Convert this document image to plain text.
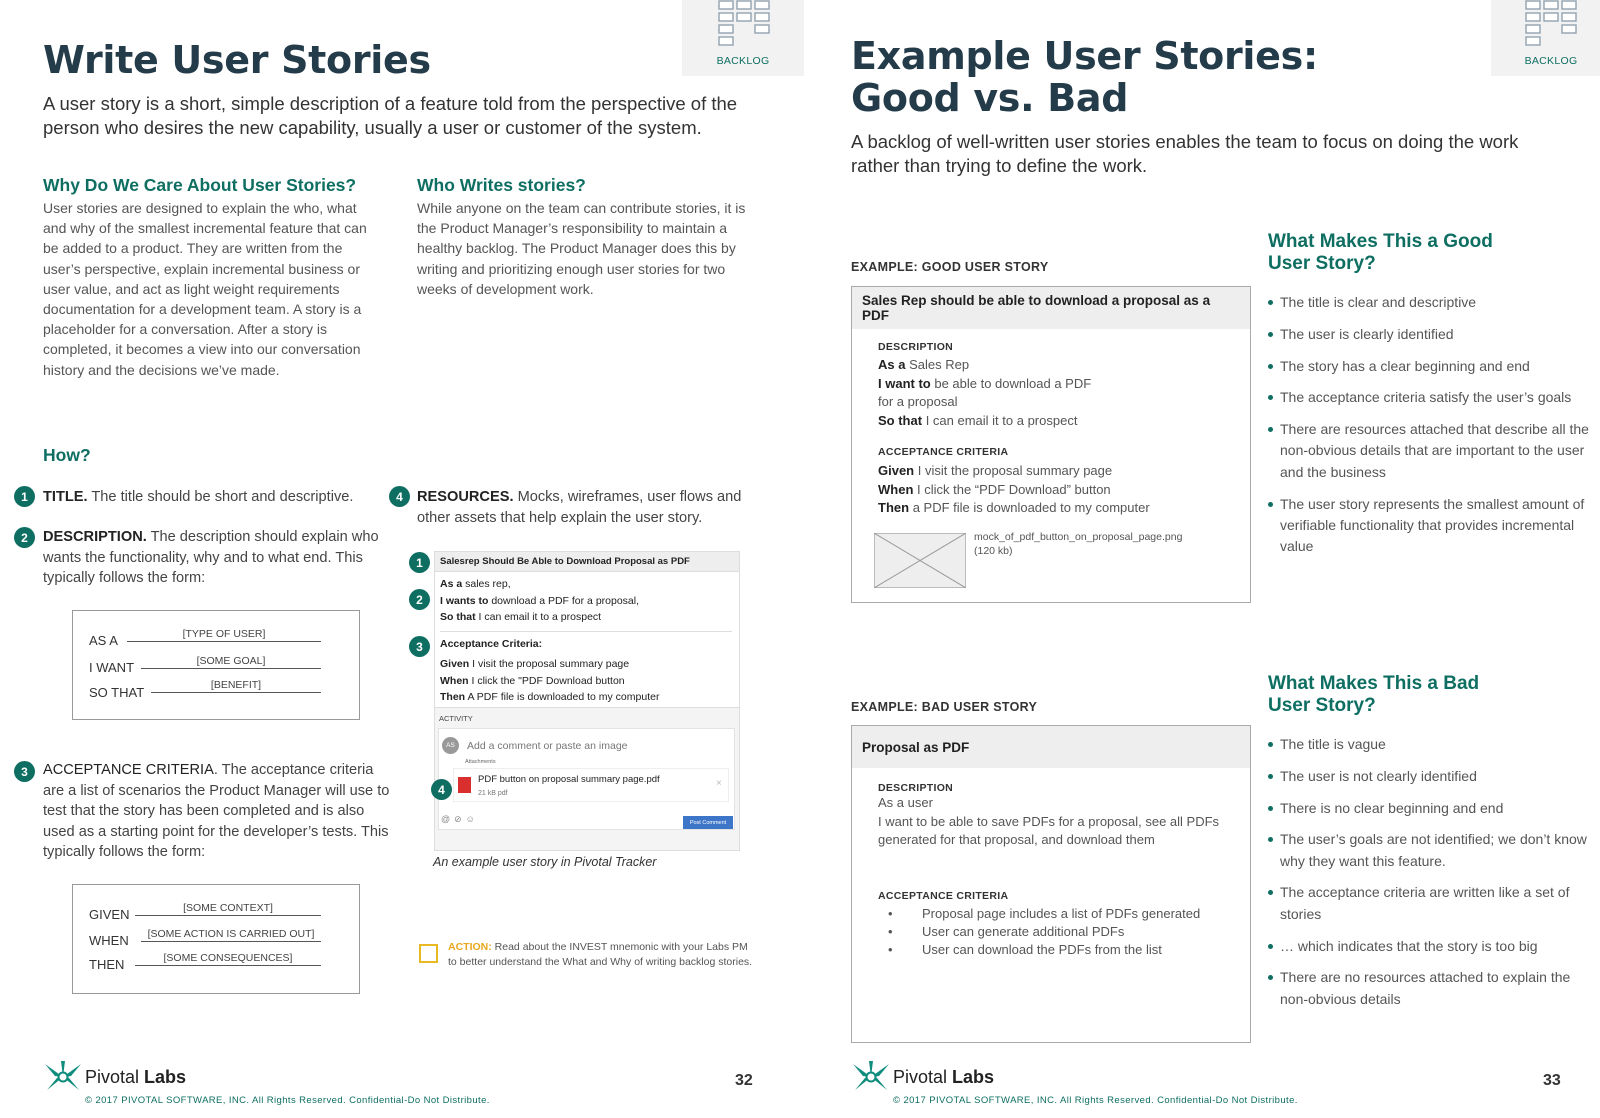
BACKLOG
Write User Stories
A user story is a short, simple description of a feature told from the perspective of the person who desires the new capability, usually a user or customer of the system.
Why Do We Care About User Stories?
User stories are designed to explain the who, what and why of the smallest incremental feature that can be added to a product. They are written from the user’s perspective, explain incremental business or user value, and act as light weight requirements documentation for a development team. A story is a placeholder for a conversation. After a story is completed, it becomes a view into our conversation history and the decisions we’ve made.
Who Writes stories?
While anyone on the team can contribute stories, it is the Product Manager’s responsibility to maintain a healthy backlog. The Product Manager does this by writing and prioritizing enough user stories for two weeks of development work.
How?
1	TITLE. The title should be short and descriptive.
2	DESCRIPTION. The description should explain who wants the functionality, why and to what end. This typically follows the form:
AS A	[TYPE OF USER]
I WANT	[SOME GOAL]
SO THAT	[BENEFIT]
3	ACCEPTANCE CRITERIA. The acceptance criteria are a list of scenarios the Product Manager will use to test that the story has been completed and is also used as a starting point for the developer’s tests. This typically follows the form:
GIVEN	[SOME CONTEXT]
WHEN	[SOME ACTION IS CARRIED OUT]
THEN	[SOME CONSEQUENCES]
4 RESOURCES. Mocks, wireframes, user flows and other assets that help explain the user story.
Salesrep Should Be Able to Download Proposal as PDF
As a sales rep,
I wants to download a PDF for a proposal,
So that I can email it to a prospect
Acceptance Criteria:
Given I visit the proposal summary page
When I click the "PDF Download button
Then A PDF file is downloaded to my computer
ACTIVITY
AS	Add a comment or paste an image
Attachments
PDF button on proposal summary page.pdf
21 kB pdf
×
@⊘☺	Post Comment
1
2
3
4
An example user story in Pivotal Tracker
ACTION: Read about the INVEST mnemonic with your Labs PM to better understand the What and Why of writing backlog stories.
Pivotal Labs
© 2017 PIVOTAL SOFTWARE, INC. All Rights Reserved. Confidential-Do Not Distribute.
32
BACKLOG
Example User Stories:
Good vs. Bad
A backlog of well-written user stories enables the team to focus on doing the work rather than trying to define the work.
EXAMPLE: GOOD USER STORY
Sales Rep should be able to download a proposal as a PDF
DESCRIPTION
As a Sales Rep
I want to be able to download a PDF
for a proposal
So that I can email it to a prospect
ACCEPTANCE CRITERIA
Given I visit the proposal summary page
When I click the “PDF Download” button
Then a PDF file is downloaded to my computer
mock_of_pdf_button_on_proposal_page.png
(120 kb)
What Makes This a Good
User Story?
The title is clear and descriptive
The user is clearly identified
The story has a clear beginning and end
The acceptance criteria satisfy the user’s goals
There are resources attached that describe all the non-obvious details that are important to the user and the business
The user story represents the smallest amount of verifiable functionality that provides incremental value
EXAMPLE: BAD USER STORY
Proposal as PDF
DESCRIPTION
As a user
I want to be able to save PDFs for a proposal, see all PDFs generated for that proposal, and download them
ACCEPTANCE CRITERIA
• Proposal page includes a list of PDFs generated
• User can generate additional PDFs
• User can download the PDFs from the list
What Makes This a Bad
User Story?
The title is vague
The user is not clearly identified
There is no clear beginning and end
The user’s goals are not identified; we don’t know why they want this feature.
The acceptance criteria are written like a set of stories
… which indicates that the story is too big
There are no resources attached to explain the non-obvious details
Pivotal Labs
© 2017 PIVOTAL SOFTWARE, INC. All Rights Reserved. Confidential-Do Not Distribute.
33
